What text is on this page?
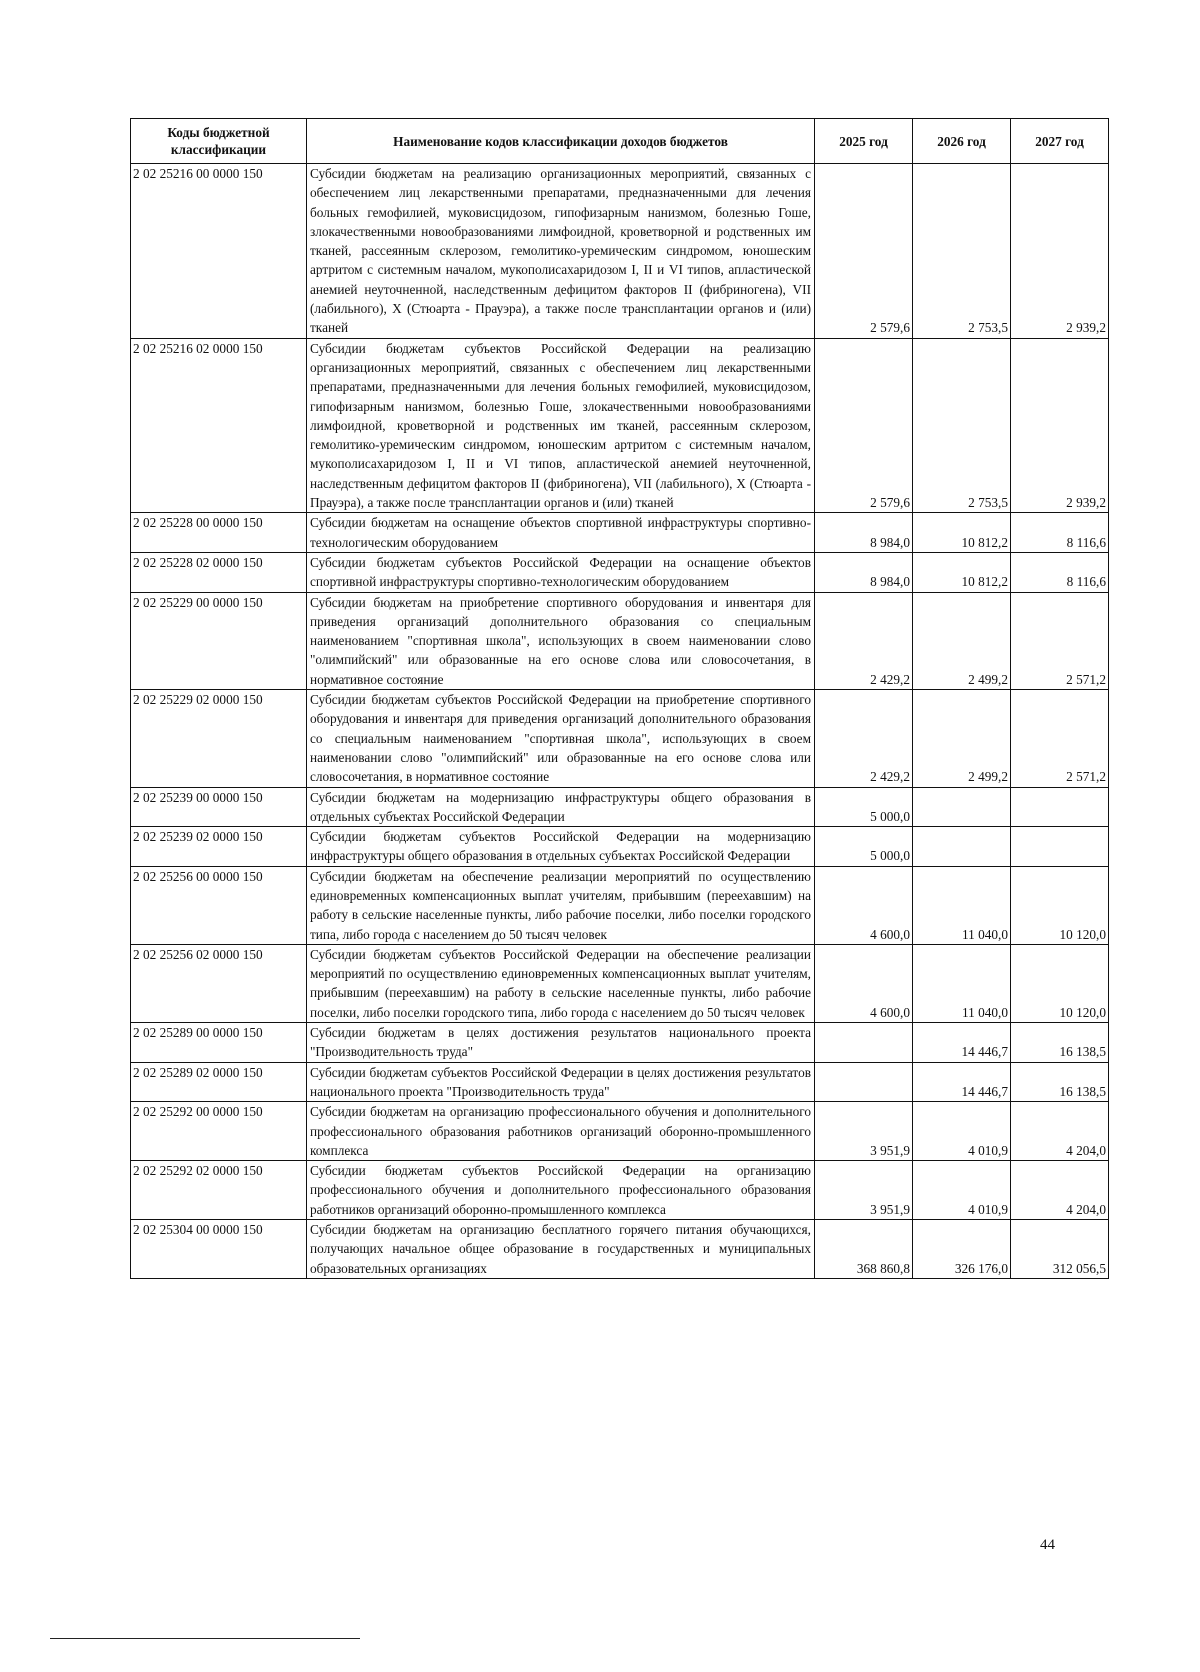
Коды бюджетной классификации	Наименование кодов классификации доходов бюджетов	2025 год	2026 год	2027 год
2 02 25216 00 0000 150	Субсидии бюджетам на реализацию организационных мероприятий, связанных с обеспечением лиц лекарственными препаратами, предназначенными для лечения больных гемофилией, муковисцидозом, гипофизарным нанизмом, болезнью Гоше, злокачественными новообразованиями лимфоидной, кроветворной и родственных им тканей, рассеянным склерозом, гемолитико-уремическим синдромом, юношеским артритом с системным началом, мукополисахаридозом I, II и VI типов, апластической анемией неуточненной, наследственным дефицитом факторов II (фибриногена), VII (лабильного), X (Стюарта - Прауэра), а также после трансплантации органов и (или) тканей	2 579,6	2 753,5	2 939,2
2 02 25216 02 0000 150	Субсидии бюджетам субъектов Российской Федерации на реализацию организационных мероприятий, связанных с обеспечением лиц лекарственными препаратами, предназначенными для лечения больных гемофилией, муковисцидозом, гипофизарным нанизмом, болезнью Гоше, злокачественными новообразованиями лимфоидной, кроветворной и родственных им тканей, рассеянным склерозом, гемолитико-уремическим синдромом, юношеским артритом с системным началом, мукополисахаридозом I, II и VI типов, апластической анемией неуточненной, наследственным дефицитом факторов II (фибриногена), VII (лабильного), X (Стюарта - Прауэра), а также после трансплантации органов и (или) тканей	2 579,6	2 753,5	2 939,2
2 02 25228 00 0000 150	Субсидии бюджетам на оснащение объектов спортивной инфраструктуры спортивно-технологическим оборудованием	8 984,0	10 812,2	8 116,6
2 02 25228 02 0000 150	Субсидии бюджетам субъектов Российской Федерации на оснащение объектов спортивной инфраструктуры спортивно-технологическим оборудованием	8 984,0	10 812,2	8 116,6
2 02 25229 00 0000 150	Субсидии бюджетам на приобретение спортивного оборудования и инвентаря для приведения организаций дополнительного образования со специальным наименованием "спортивная школа", использующих в своем наименовании слово "олимпийский" или образованные на его основе слова или словосочетания, в нормативное состояние	2 429,2	2 499,2	2 571,2
2 02 25229 02 0000 150	Субсидии бюджетам субъектов Российской Федерации на приобретение спортивного оборудования и инвентаря для приведения организаций дополнительного образования со специальным наименованием "спортивная школа", использующих в своем наименовании слово "олимпийский" или образованные на его основе слова или словосочетания, в нормативное состояние	2 429,2	2 499,2	2 571,2
2 02 25239 00 0000 150	Субсидии бюджетам на модернизацию инфраструктуры общего образования в отдельных субъектах Российской Федерации	5 000,0		
2 02 25239 02 0000 150	Субсидии бюджетам субъектов Российской Федерации на модернизацию инфраструктуры общего образования в отдельных субъектах Российской Федерации	5 000,0		
2 02 25256 00 0000 150	Субсидии бюджетам на обеспечение реализации мероприятий по осуществлению единовременных компенсационных выплат учителям, прибывшим (переехавшим) на работу в сельские населенные пункты, либо рабочие поселки, либо поселки городского типа, либо города с населением до 50 тысяч человек	4 600,0	11 040,0	10 120,0
2 02 25256 02 0000 150	Субсидии бюджетам субъектов Российской Федерации на обеспечение реализации мероприятий по осуществлению единовременных компенсационных выплат учителям, прибывшим (переехавшим) на работу в сельские населенные пункты, либо рабочие поселки, либо поселки городского типа, либо города с населением до 50 тысяч человек	4 600,0	11 040,0	10 120,0
2 02 25289 00 0000 150	Субсидии бюджетам в целях достижения результатов национального проекта "Производительность труда"		14 446,7	16 138,5
2 02 25289 02 0000 150	Субсидии бюджетам субъектов Российской Федерации в целях достижения результатов национального проекта "Производительность труда"		14 446,7	16 138,5
2 02 25292 00 0000 150	Субсидии бюджетам на организацию профессионального обучения и дополнительного профессионального образования работников организаций оборонно-промышленного комплекса	3 951,9	4 010,9	4 204,0
2 02 25292 02 0000 150	Субсидии бюджетам субъектов Российской Федерации на организацию профессионального обучения и дополнительного профессионального образования работников организаций оборонно-промышленного комплекса	3 951,9	4 010,9	4 204,0
2 02 25304 00 0000 150	Субсидии бюджетам на организацию бесплатного горячего питания обучающихся, получающих начальное общее образование в государственных и муниципальных образовательных организациях	368 860,8	326 176,0	312 056,5
44
